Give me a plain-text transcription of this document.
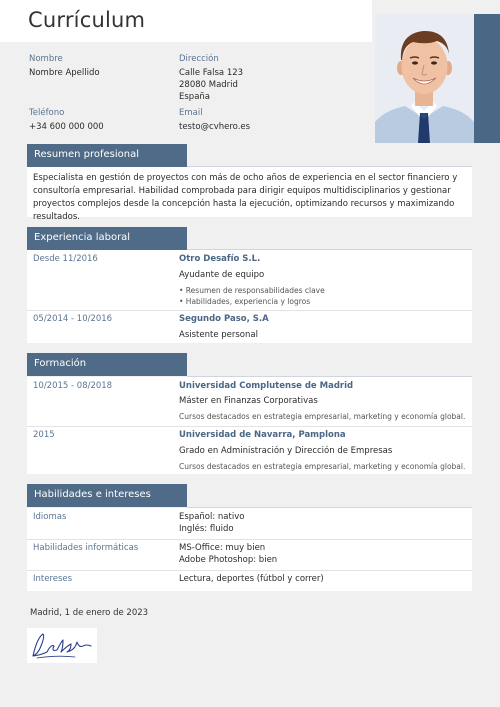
Currículum
Nombre
Nombre Apellido
Dirección
Calle Falsa 123
28080 Madrid
España
Teléfono
+34 600 000 000
Email
testo@cvhero.es
Resumen profesional
Especialista en gestión de proyectos con más de ocho años de experiencia en el sector financiero y consultoría empresarial. Habilidad comprobada para dirigir equipos multidisciplinarios y gestionar proyectos complejos desde la concepción hasta la ejecución, optimizando recursos y maximizando resultados.
Experiencia laboral
Desde 11/2016	Otro Desafío S.L.
Ayudante de equipo
• Resumen de responsabilidades clave
• Habilidades, experiencia y logros
05/2014 - 10/2016	Segundo Paso, S.A
Asistente personal
Formación
10/2015 - 08/2018	Universidad Complutense de Madrid
Máster en Finanzas Corporativas
Cursos destacados en estrategia empresarial, marketing y economía global.
2015	Universidad de Navarra, Pamplona
Grado en Administración y Dirección de Empresas
Cursos destacados en estrategia empresarial, marketing y economía global.
Habilidades e intereses
Idiomas	Español: nativo
Inglés: fluido
Habilidades informáticas	MS-Office: muy bien
Adobe Photoshop: bien
Intereses	Lectura, deportes (fútbol y correr)
Madrid, 1 de enero de 2023
